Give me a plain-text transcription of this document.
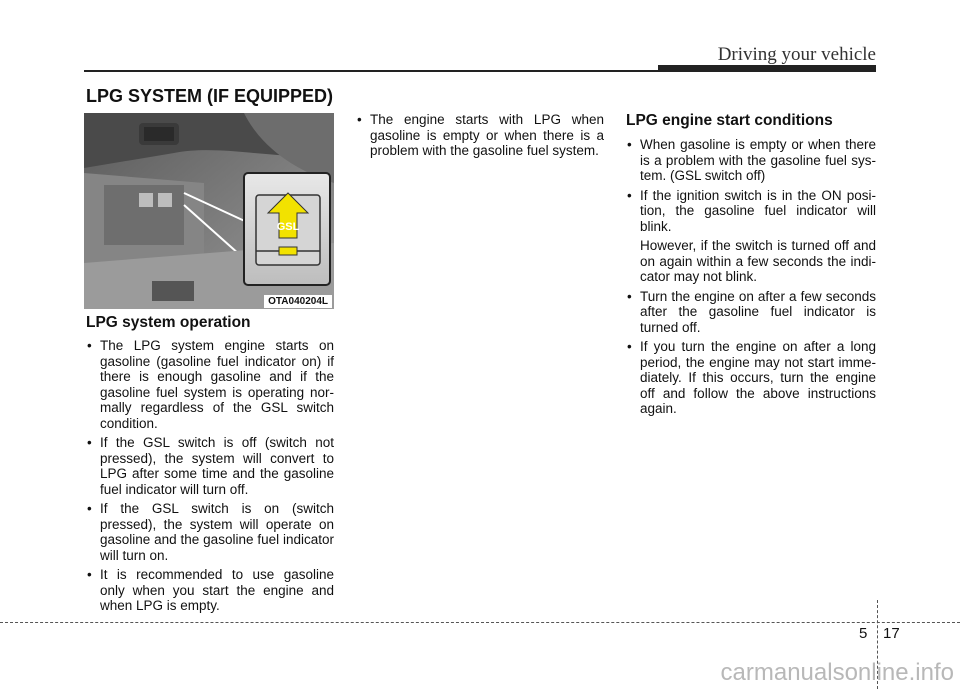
Driving your vehicle
LPG SYSTEM (IF EQUIPPED)
GSL
OTA040204L
LPG system operation
• The LPG system engine starts on gasoline (gasoline fuel indicator on) if there is enough gasoline and if the gasoline fuel system is operating nor-mally regardless of the GSL switch condition.
• If the GSL switch is off (switch not pressed), the system will convert to LPG after some time and the gasoline fuel indicator will turn off.
• If the GSL switch is on (switch pressed), the system will operate on gasoline and the gasoline fuel indicator will turn on.
• It is recommended to use gasoline only when you start the engine and when LPG is empty.
• The engine starts with LPG when gasoline is empty or when there is a problem with the gasoline fuel system.
LPG engine start conditions
• When gasoline is empty or when there is a problem with the gasoline fuel sys-tem. (GSL switch off)
• If the ignition switch is in the ON posi-tion, the gasoline fuel indicator will blink.
However, if the switch is turned off and on again within a few seconds the indi-cator may not blink.
• Turn the engine on after a few seconds after the gasoline fuel indicator is turned off.
• If you turn the engine on after a long period, the engine may not start imme-diately. If this occurs, turn the engine off and follow the above instructions again.
5 17
carmanualsonline.info
